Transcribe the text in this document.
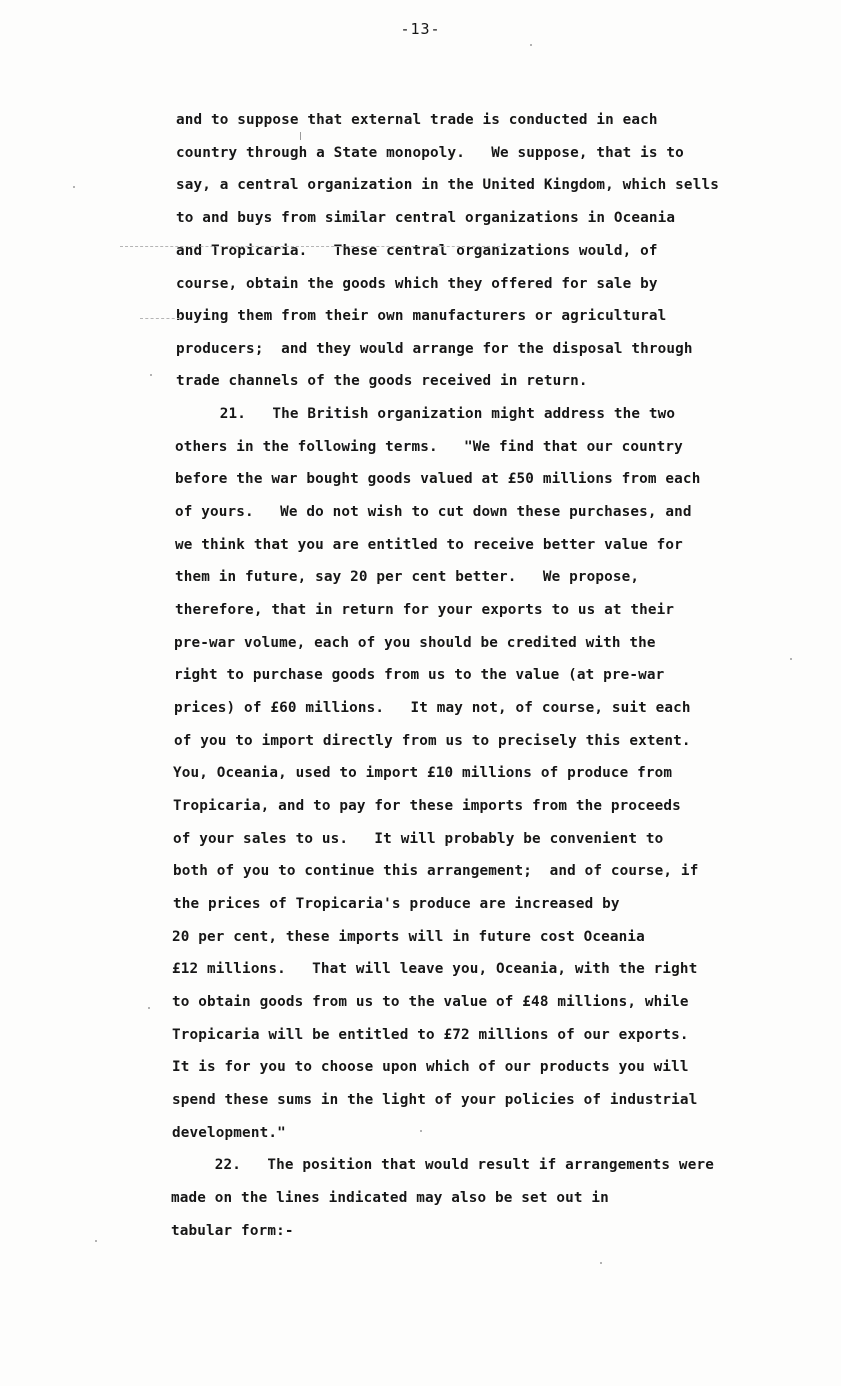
-13-
and to suppose that external trade is conducted in each
country through a State monopoly.   We suppose, that is to
say, a central organization in the United Kingdom, which sells
to and buys from similar central organizations in Oceania
and Tropicaria.   These central organizations would, of
course, obtain the goods which they offered for sale by
buying them from their own manufacturers or agricultural
producers;  and they would arrange for the disposal through
trade channels of the goods received in return.
21.   The British organization might address the two
others in the following terms.   "We find that our country
before the war bought goods valued at £50 millions from each
of yours.   We do not wish to cut down these purchases, and
we think that you are entitled to receive better value for
them in future, say 20 per cent better.   We propose,
therefore, that in return for your exports to us at their
pre-war volume, each of you should be credited with the
right to purchase goods from us to the value (at pre-war
prices) of £60 millions.   It may not, of course, suit each
of you to import directly from us to precisely this extent.
You, Oceania, used to import £10 millions of produce from
Tropicaria, and to pay for these imports from the proceeds
of your sales to us.   It will probably be convenient to
both of you to continue this arrangement;  and of course, if
the prices of Tropicaria's produce are increased by
20 per cent, these imports will in future cost Oceania
£12 millions.   That will leave you, Oceania, with the right
to obtain goods from us to the value of £48 millions, while
Tropicaria will be entitled to £72 millions of our exports.
It is for you to choose upon which of our products you will
spend these sums in the light of your policies of industrial
development."
22.   The position that would result if arrangements were
made on the lines indicated may also be set out in
tabular form:-
